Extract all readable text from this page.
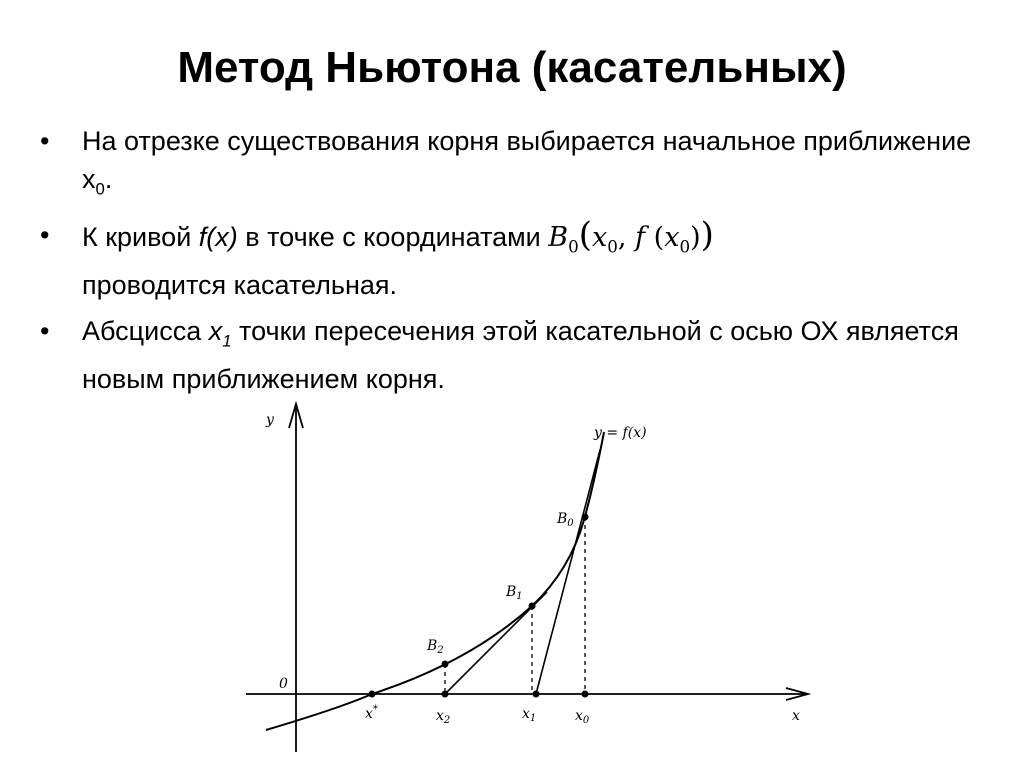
Метод Ньютона (касательных)
• На отрезке существования корня выбирается начальное приближение $x_0$.
• К кривой f(x) в точке с координатами $B_0(x_0$, f $(x_0)$)
проводится касательная.
• Абсцисса $x_1$ точки пересечения этой касательной с осью ОХ является новым приближением корня.
y
x
0
y = f(x)
$B_0$
$B_1$
$B_2$
x*	$x_2$	$x_1$	$x_0$
